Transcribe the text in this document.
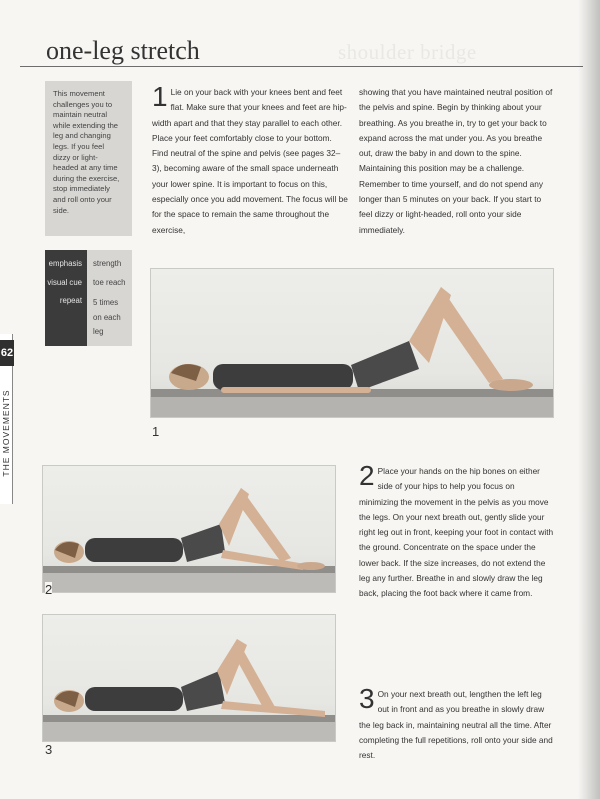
shoulder bridge
one-leg stretch
62
THE MOVEMENTS
This movement challenges you to maintain neutral while extending the leg and changing legs. If you feel dizzy or light-headed at any time during the exercise, stop immediately and roll onto your side.
emphasis strength
visual cue toe reach
repeat 5 times on each leg
1 Lie on your back with your knees bent and feet flat. Make sure that your knees and feet are hip-width apart and that they stay parallel to each other. Place your feet comfortably close to your bottom. Find neutral of the spine and pelvis (see pages 32–3), becoming aware of the small space underneath your lower spine. It is important to focus on this, especially once you add movement. The focus will be for the space to remain the same throughout the exercise,
showing that you have maintained neutral position of the pelvis and spine. Begin by thinking about your breathing. As you breathe in, try to get your back to expand across the mat under you. As you breathe out, draw the baby in and down to the spine. Maintaining this position may be a challenge. Remember to time yourself, and do not spend any longer than 5 minutes on your back. If you start to feel dizzy or light-headed, roll onto your side immediately.
1
2
3
2 Place your hands on the hip bones on either side of your hips to help you focus on minimizing the movement in the pelvis as you move the legs. On your next breath out, gently slide your right leg out in front, keeping your foot in contact with the ground. Concentrate on the space under the lower back. If the size increases, do not extend the leg any further. Breathe in and slowly draw the leg back, placing the foot back where it came from.
3 On your next breath out, lengthen the left leg out in front and as you breathe in slowly draw the leg back in, maintaining neutral all the time. After completing the full repetitions, roll onto your side and rest.
